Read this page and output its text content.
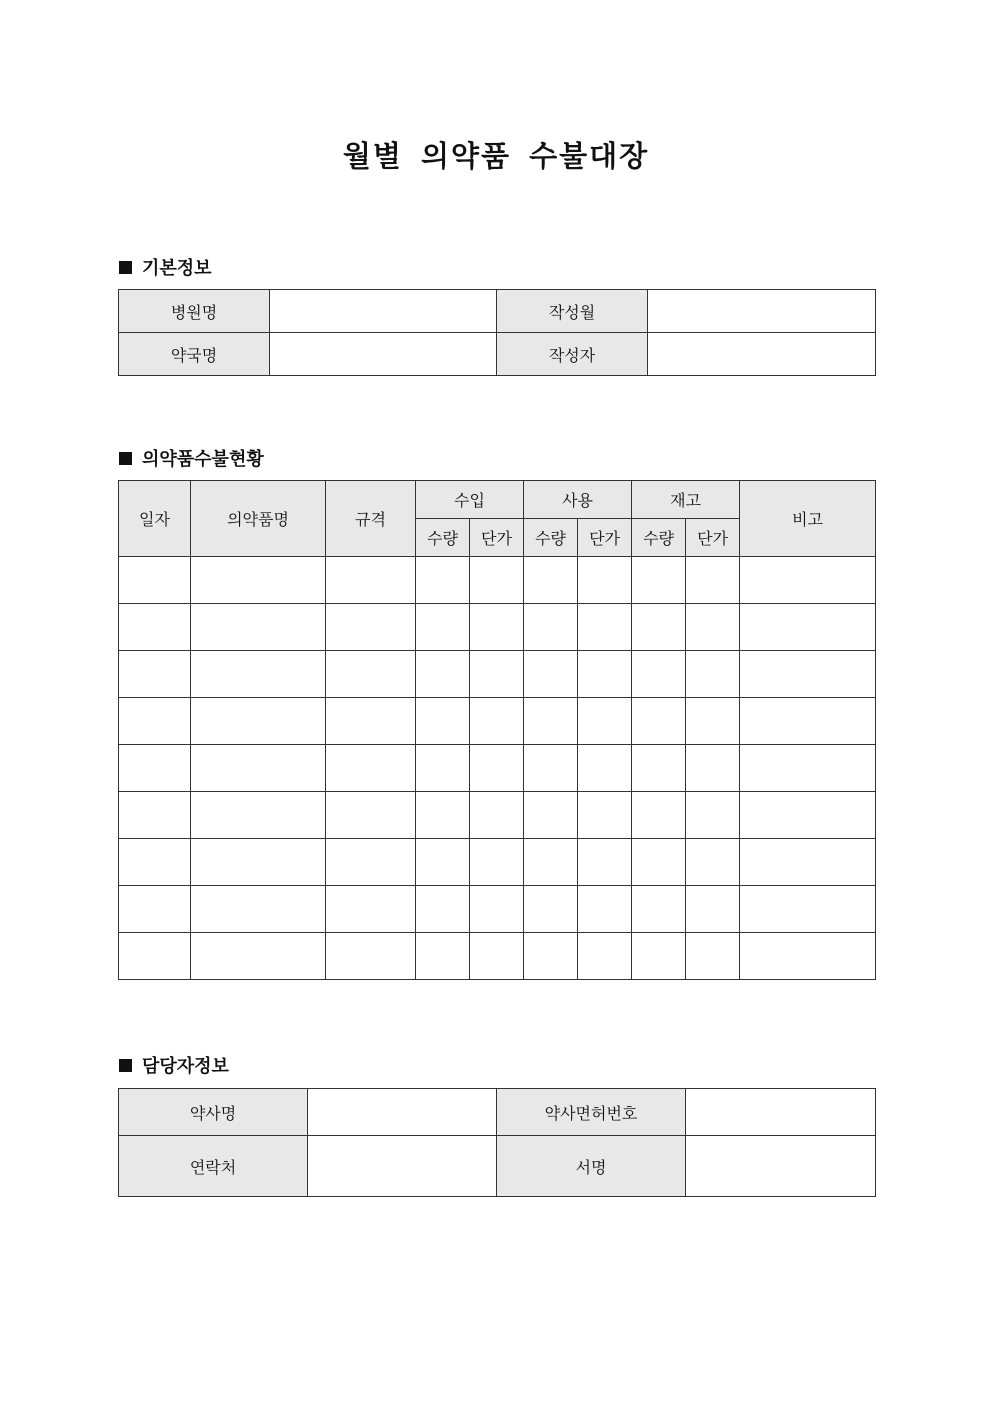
월별 의약품 수불대장
기본정보
병원명		작성월	
약국명		작성자	
의약품수불현황
일자	의약품명	규격	수입		사용		재고		비고
			수량	단가	수량	단가	수량	단가	

담당자정보
약사명		약사면허번호	
연락처		서명	
